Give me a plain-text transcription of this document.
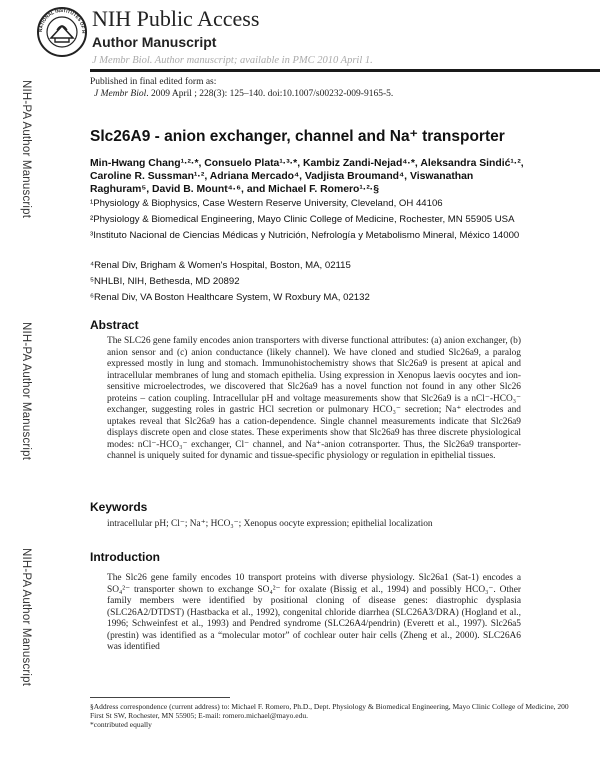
NIH-PA Author Manuscript
NIH-PA Author Manuscript
NIH-PA Author Manuscript
NATIONAL INSTITUTES OF H
NIH Public Access
Author Manuscript
J Membr Biol. Author manuscript; available in PMC 2010 April 1.
Published in final edited form as:
J Membr Biol. 2009 April ; 228(3): 125–140. doi:10.1007/s00232-009-9165-5.
Slc26A9 - anion exchanger, channel and Na⁺ transporter
Min-Hwang Chang¹·²·*, Consuelo Plata¹·³·*, Kambiz Zandi-Nejad⁴·*, Aleksandra Sindić¹·²,
Caroline R. Sussman¹·², Adriana Mercado⁴, Vadjista Broumand⁴, Viswanathan
Raghuram⁵, David B. Mount⁴·⁶, and Michael F. Romero¹·²·§
¹Physiology & Biophysics, Case Western Reserve University, Cleveland, OH 44106
²Physiology & Biomedical Engineering, Mayo Clinic College of Medicine, Rochester, MN 55905 USA
³Instituto Nacional de Ciencias Médicas y Nutrición, Nefrología y Metabolismo Mineral, México 14000
⁴Renal Div, Brigham & Women's Hospital, Boston, MA, 02115
⁵NHLBI, NIH, Bethesda, MD 20892
⁶Renal Div, VA Boston Healthcare System, W Roxbury MA, 02132
Abstract
The SLC26 gene family encodes anion transporters with diverse functional attributes: (a) anion exchanger, (b) anion sensor and (c) anion conductance (likely channel). We have cloned and studied Slc26a9, a paralog expressed mostly in lung and stomach. Immunohistochemistry shows that Slc26a9 is present at apical and intracellular membranes of lung and stomach epithelia. Using expression in Xenopus laevis oocytes and ion-sensitive microelectrodes, we discovered that Slc26a9 has a novel function not found in any other Slc26 proteins – cation coupling. Intracellular pH and voltage measurements show that Slc26a9 is a nCl⁻-HCO₃⁻ exchanger, suggesting roles in gastric HCl secretion or pulmonary HCO₃⁻ secretion; Na⁺ electrodes and uptakes reveal that Slc26a9 has a cation-dependence. Single channel measurements indicate that Slc26a9 displays discrete open and close states. These experiments show that Slc26a9 has three discrete physiological modes: nCl⁻-HCO₃⁻ exchanger, Cl⁻ channel, and Na⁺-anion cotransporter. Thus, the Slc26a9 transporter-channel is uniquely suited for dynamic and tissue-specific physiology or regulation in epithelial tissues.
Keywords
intracellular pH; Cl⁻; Na⁺; HCO₃⁻; Xenopus oocyte expression; epithelial localization
Introduction
The Slc26 gene family encodes 10 transport proteins with diverse physiology. Slc26a1 (Sat-1) encodes a SO₄²⁻ transporter shown to exchange SO₄²⁻ for oxalate (Bissig et al., 1994) and possibly HCO₃⁻. Other family members were identified by positional cloning of disease genes: diastrophic dysplasia (SLC26A2/DTDST) (Hastbacka et al., 1992), congenital chloride diarrhea (SLC26A3/DRA) (Hogland et al., 1996; Schweinfest et al., 1993) and Pendred syndrome (SLC26A4/pendrin) (Everett et al., 1997). Slc26a5 (prestin) was identified as a “molecular motor” of cochlear outer hair cells (Zheng et al., 2000). SLC26A6 was identified
§Address correspondence (current address) to: Michael F. Romero, Ph.D., Dept. Physiology & Biomedical Engineering, Mayo Clinic College of Medicine, 200 First St SW, Rochester, MN 55905; E-mail: romero.michael@mayo.edu.
*contributed equally
